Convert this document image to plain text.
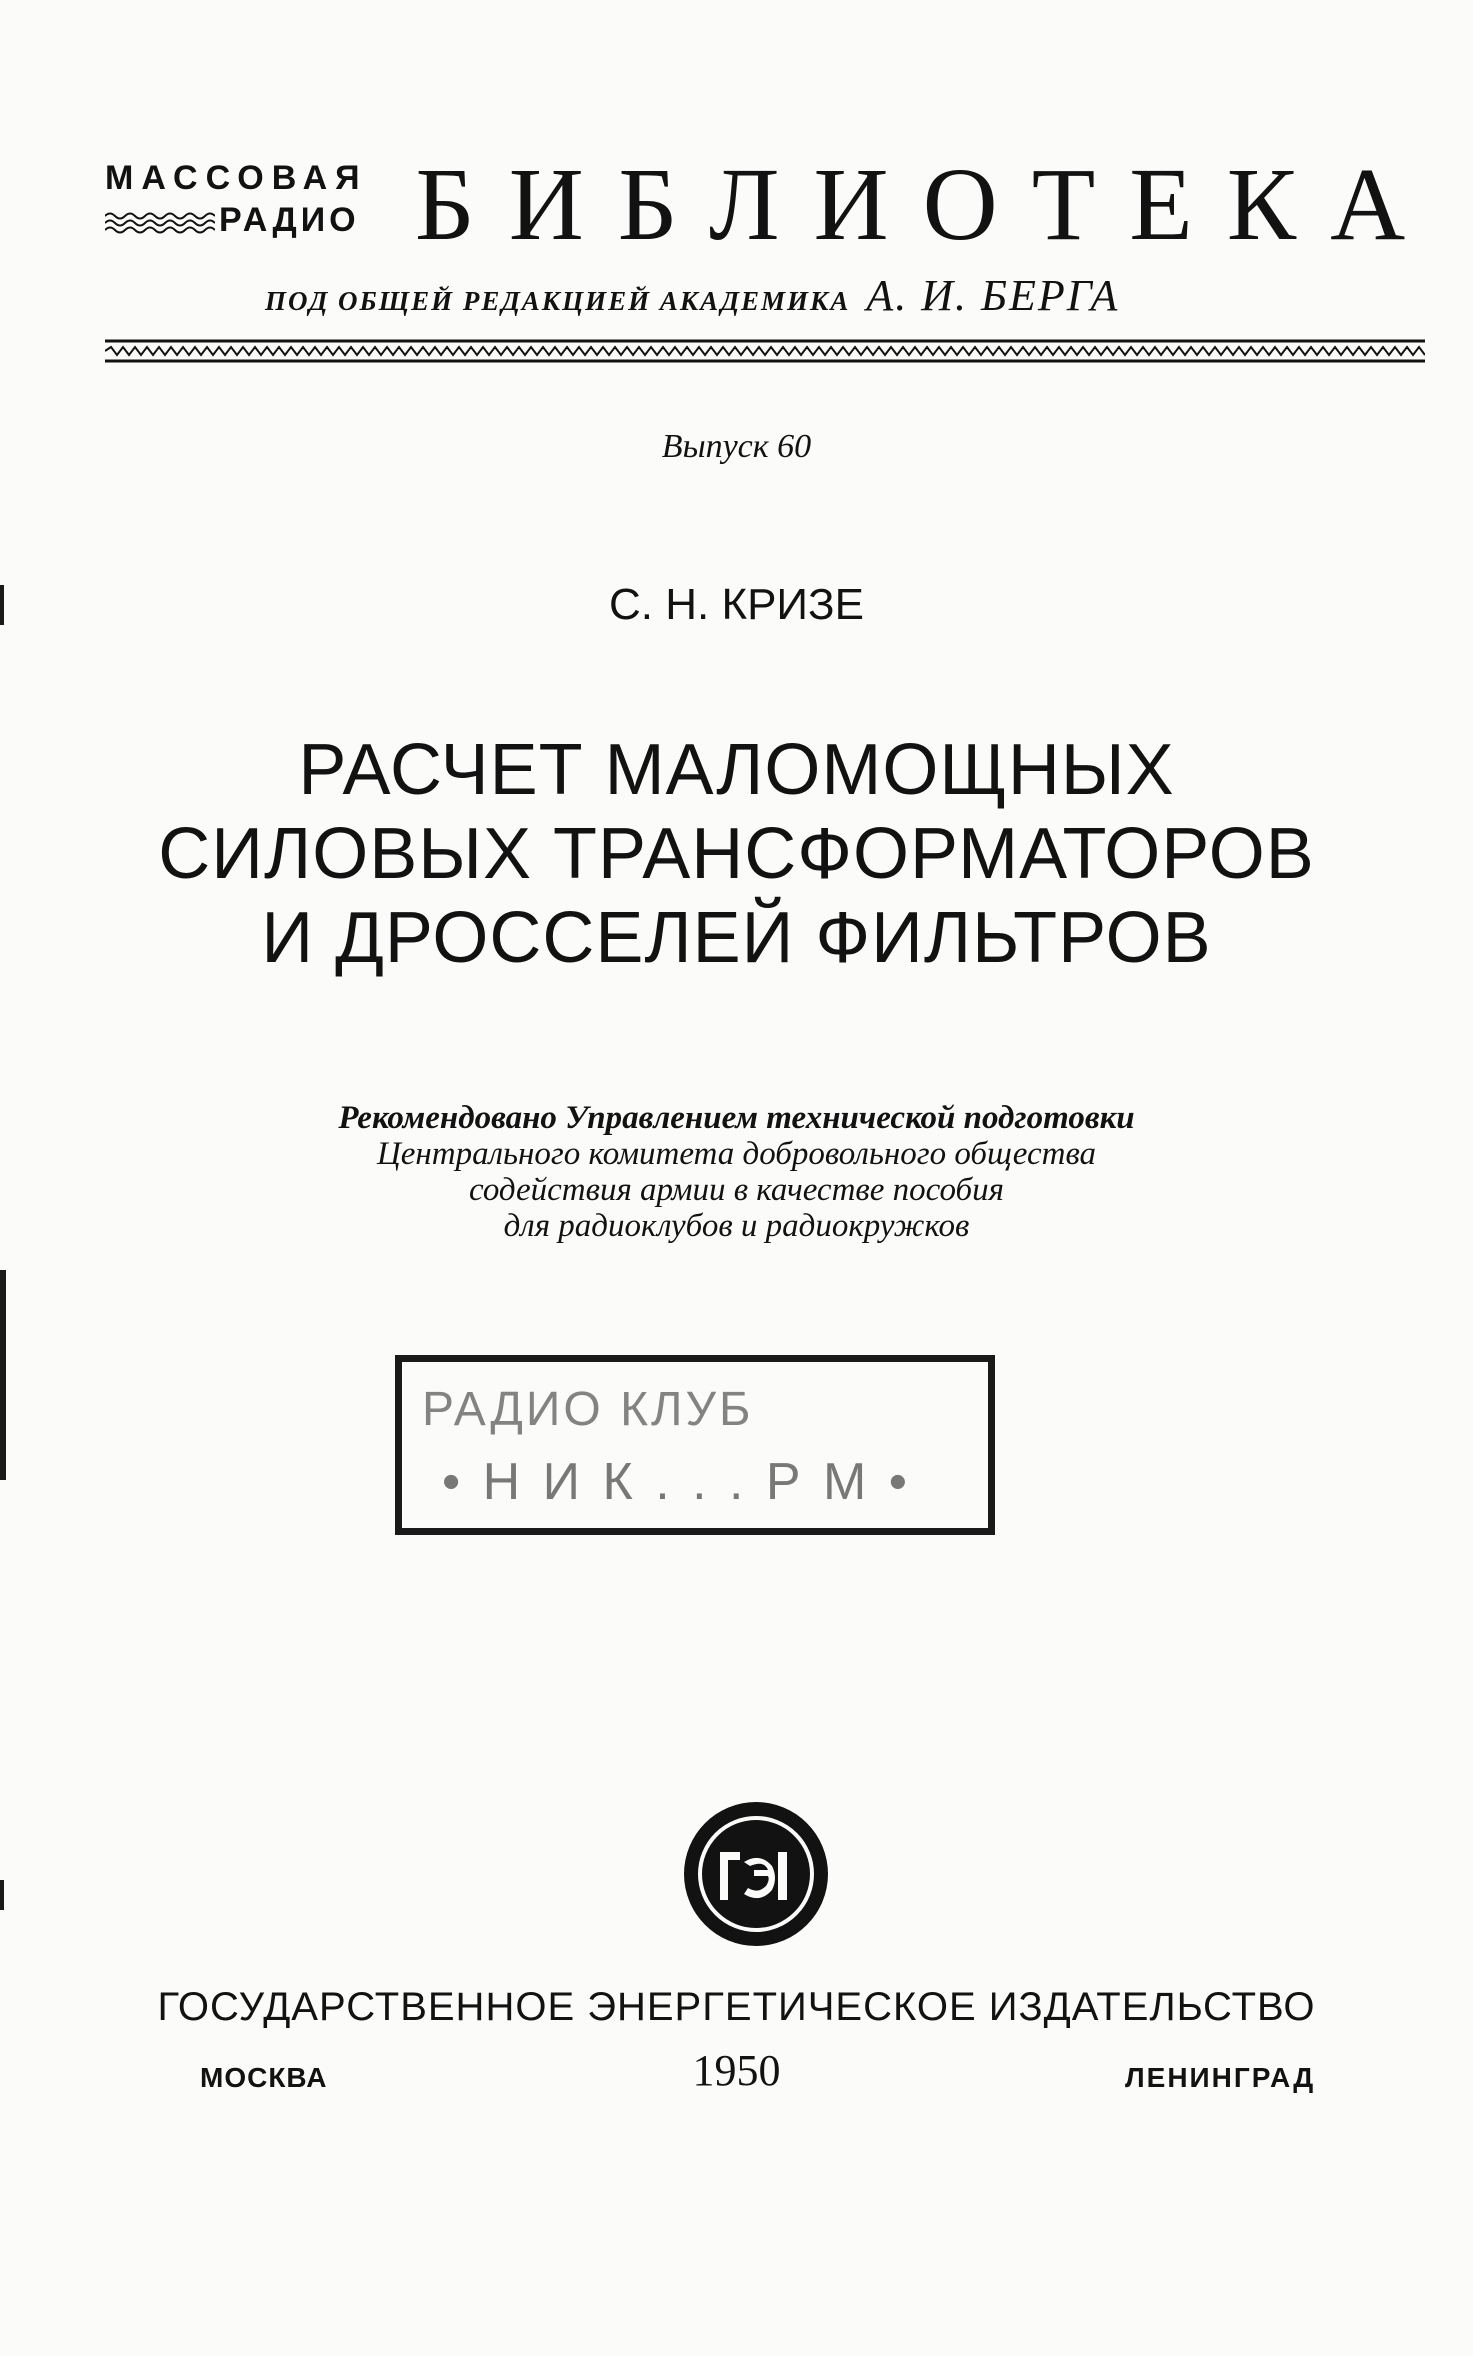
МАССОВАЯ
РАДИО БИБЛИОТЕКА
ПОД ОБЩЕЙ РЕДАКЦИЕЙ АКАДЕМИКА А. И. БЕРГА
Выпуск 60
С. Н. КРИЗЕ
РАСЧЕТ МАЛОМОЩНЫХ
СИЛОВЫХ ТРАНСФОРМАТОРОВ
И ДРОССЕЛЕЙ ФИЛЬТРОВ
Рекомендовано Управлением технической подготовки
Центрального комитета добровольного общества
содействия армии в качестве пособия
для радиоклубов и радиокружков
РАДИО КЛУБ
• Н И К . . . Р М •
ГОСУДАРСТВЕННОЕ ЭНЕРГЕТИЧЕСКОЕ ИЗДАТЕЛЬСТВО
МОСКВА	1950	ЛЕНИНГРАД
